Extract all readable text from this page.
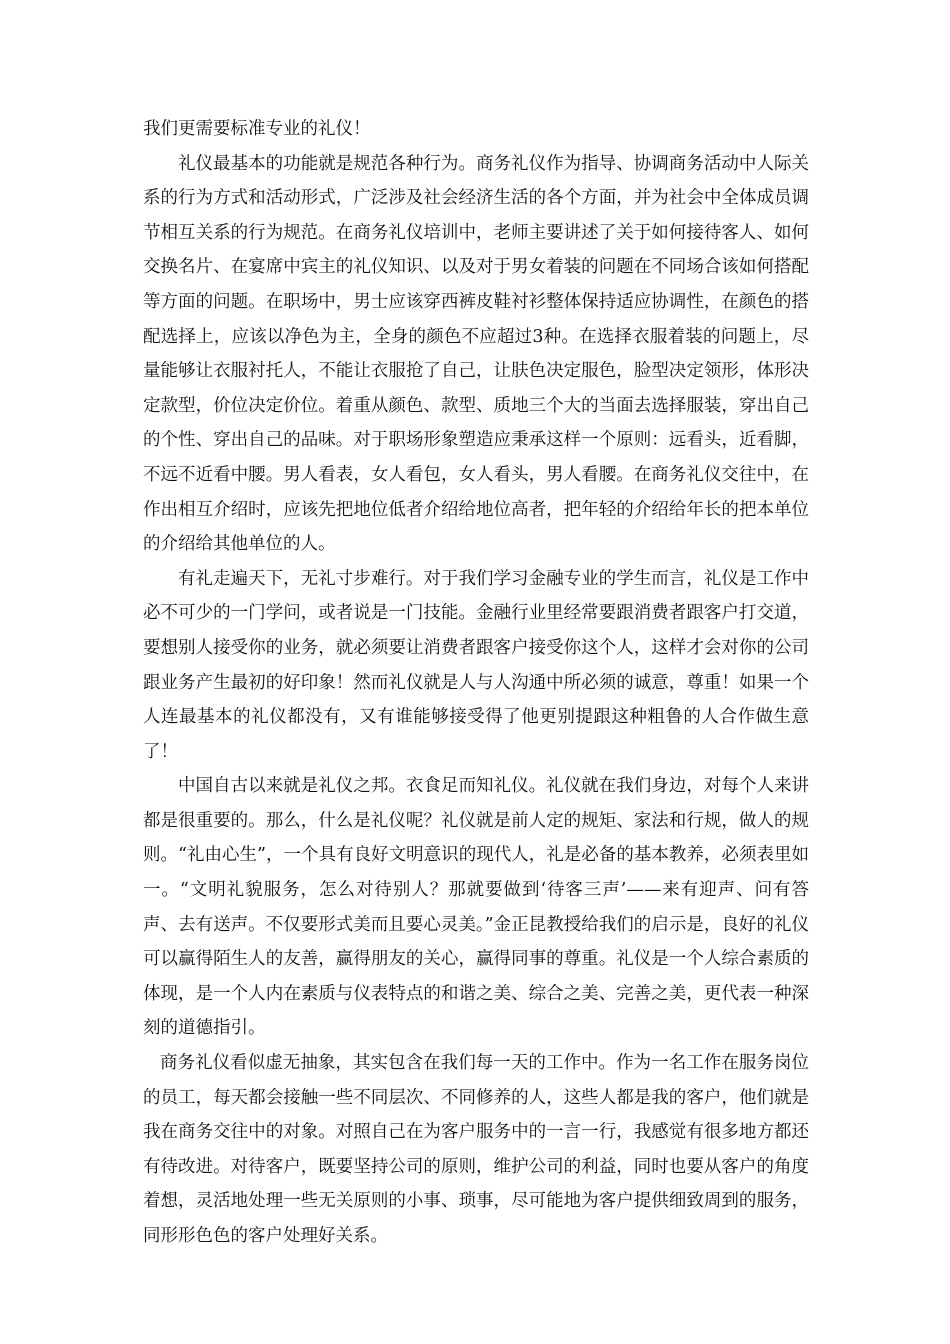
我们更需要标准专业的礼仪！

礼仪最基本的功能就是规范各种行为。商务礼仪作为指导、协调商务活动中人际关系的行为方式和活动形式，广泛涉及社会经济生活的各个方面，并为社会中全体成员调节相互关系的行为规范。在商务礼仪培训中，老师主要讲述了关于如何接待客人、如何交换名片、在宴席中宾主的礼仪知识、以及对于男女着装的问题在不同场合该如何搭配等方面的问题。在职场中，男士应该穿西裤皮鞋衬衫整体保持适应协调性，在颜色的搭配选择上，应该以净色为主，全身的颜色不应超过3种。在选择衣服着装的问题上，尽量能够让衣服衬托人，不能让衣服抢了自己，让肤色决定服色，脸型决定领形，体形决定款型，价位决定价位。着重从颜色、款型、质地三个大的当面去选择服装，穿出自己的个性、穿出自己的品味。对于职场形象塑造应秉承这样一个原则：远看头，近看脚，不远不近看中腰。男人看表，女人看包，女人看头，男人看腰。在商务礼仪交往中，在作出相互介绍时，应该先把地位低者介绍给地位高者，把年轻的介绍给年长的把本单位的介绍给其他单位的人。

有礼走遍天下，无礼寸步难行。对于我们学习金融专业的学生而言，礼仪是工作中必不可少的一门学问，或者说是一门技能。金融行业里经常要跟消费者跟客户打交道，要想别人接受你的业务，就必须要让消费者跟客户接受你这个人，这样才会对你的公司跟业务产生最初的好印象！然而礼仪就是人与人沟通中所必须的诚意，尊重！如果一个人连最基本的礼仪都没有，又有谁能够接受得了他更别提跟这种粗鲁的人合作做生意了！

中国自古以来就是礼仪之邦。衣食足而知礼仪。礼仪就在我们身边，对每个人来讲都是很重要的。那么，什么是礼仪呢？礼仪就是前人定的规矩、家法和行规，做人的规则。“礼由心生”，一个具有良好文明意识的现代人，礼是必备的基本教养，必须表里如一。“文明礼貌服务，怎么对待别人？那就要做到‘待客三声’——来有迎声、问有答声、去有送声。不仅要形式美而且要心灵美。”金正昆教授给我们的启示是，良好的礼仪可以赢得陌生人的友善，赢得朋友的关心，赢得同事的尊重。礼仪是一个人综合素质的体现，是一个人内在素质与仪表特点的和谐之美、综合之美、完善之美，更代表一种深刻的道德指引。

商务礼仪看似虚无抽象，其实包含在我们每一天的工作中。作为一名工作在服务岗位的员工，每天都会接触一些不同层次、不同修养的人，这些人都是我的客户，他们就是我在商务交往中的对象。对照自己在为客户服务中的一言一行，我感觉有很多地方都还有待改进。对待客户，既要坚持公司的原则，维护公司的利益，同时也要从客户的角度着想，灵活地处理一些无关原则的小事、琐事，尽可能地为客户提供细致周到的服务，同形形色色的客户处理好关系。
